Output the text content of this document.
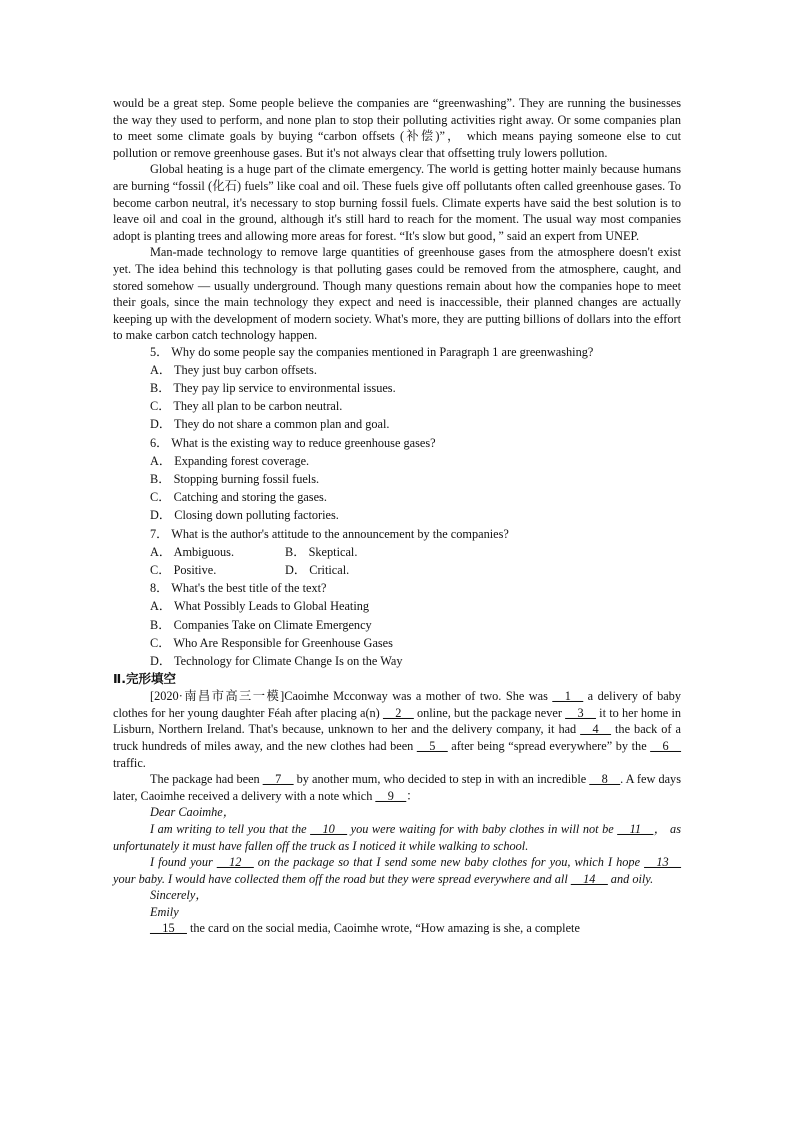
would be a great step. Some people believe the companies are “greenwashing”. They are running the businesses the way they used to perform, and none plan to stop their polluting activities right away. Or some companies plan to meet some climate goals by buying “carbon offsets (补偿)”， which means paying someone else to cut pollution or remove greenhouse gases. But it's not always clear that offsetting truly lowers pollution.

Global heating is a huge part of the climate emergency. The world is getting hotter mainly because humans are burning “fossil (化石) fuels” like coal and oil. These fuels give off pollutants often called greenhouse gases. To become carbon neutral, it's necessary to stop burning fossil fuels. Climate experts have said the best solution is to leave oil and coal in the ground, although it's still hard to reach for the moment. The usual way most companies adopt is planting trees and allowing more areas for forest. “It's slow but good，” said an expert from UNEP.

Man-made technology to remove large quantities of greenhouse gases from the atmosphere doesn't exist yet. The idea behind this technology is that polluting gases could be removed from the atmosphere, caught, and stored somehow — usually underground. Though many questions remain about how the companies hope to meet their goals, since the main technology they expect and need is inaccessible, their planned changes are actually keeping up with the development of modern society. What's more, they are putting billions of dollars into the effort to make carbon catch technology happen.

5． Why do some people say the companies mentioned in Paragraph 1 are greenwashing?

A． They just buy carbon offsets.

B． They pay lip service to environmental issues.

C． They all plan to be carbon neutral.

D． They do not share a common plan and goal.

6． What is the existing way to reduce greenhouse gases?

A． Expanding forest coverage.

B． Stopping burning fossil fuels.

C． Catching and storing the gases.

D． Closing down polluting factories.

7． What is the author's attitude to the announcement by the companies?

A． Ambiguous.	B． Skeptical.

C． Positive.	D． Critical.

8． What's the best title of the text?

A． What Possibly Leads to Global Heating

B． Companies Take on Climate Emergency

C． Who Are Responsible for Greenhouse Gases

D． Technology for Climate Change Is on the Way

Ⅱ.完形填空

[2020·南昌市高三一模]Caoimhe Mcconway was a mother of two. She was __1__ a delivery of baby clothes for her young daughter Féah after placing a(n) __2__ online, but the package never __3__ it to her home in Lisburn, Northern Ireland. That's because, unknown to her and the delivery company, it had __4__ the back of a truck hundreds of miles away, and the new clothes had been __5__ after being “spread everywhere” by the __6__ traffic.

The package had been __7__ by another mum, who decided to step in with an incredible __8__. A few days later, Caoimhe received a delivery with a note which __9__：

Dear Caoimhe，

I am writing to tell you that the __10__ you were waiting for with baby clothes in will not be __11__， as unfortunately it must have fallen off the truck as I noticed it while walking to school.

I found your __12__ on the package so that I send some new baby clothes for you, which I hope __13__ your baby. I would have collected them off the road but they were spread everywhere and all __14__ and oily.

Sincerely，

Emily

__15__ the card on the social media, Caoimhe wrote, “How amazing is she, a complete
